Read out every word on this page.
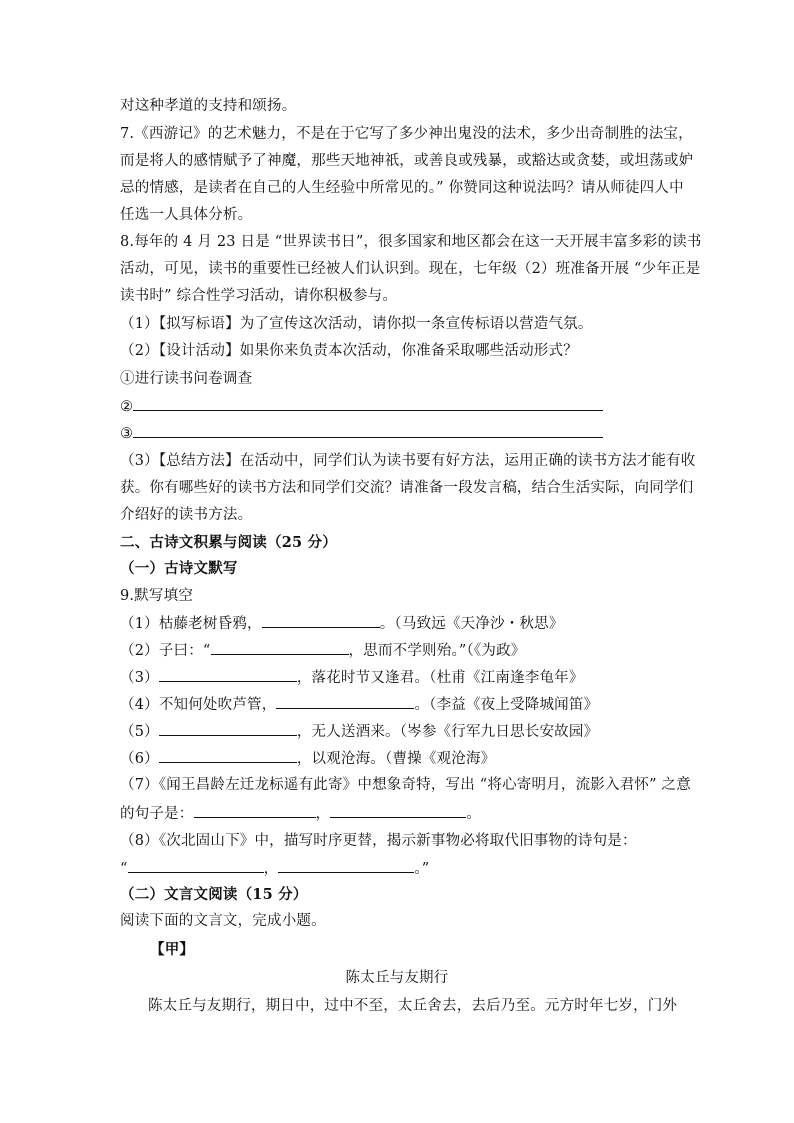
对这种孝道的支持和颂扬。
7.《西游记》的艺术魅力，不是在于它写了多少神出鬼没的法术，多少出奇制胜的法宝，
而是将人的感情赋予了神魔，那些天地神祇，或善良或残暴，或豁达或贪婪，或坦荡或妒
忌的情感，是读者在自己的人生经验中所常见的。” 你赞同这种说法吗？请从师徒四人中
任选一人具体分析。
8.每年的 4 月 23 日是 “世界读书日”，很多国家和地区都会在这一天开展丰富多彩的读书
活动，可见，读书的重要性已经被人们认识到。现在，七年级（2）班准备开展 “少年正是
读书时” 综合性学习活动，请你积极参与。
（1）【拟写标语】为了宣传这次活动，请你拟一条宣传标语以营造气氛。
（2）【设计活动】如果你来负责本次活动，你准备采取哪些活动形式？
①进行读书问卷调查
②
③
（3）【总结方法】在活动中，同学们认为读书要有好方法，运用正确的读书方法才能有收
获。你有哪些好的读书方法和同学们交流？请准备一段发言稿，结合生活实际，向同学们
介绍好的读书方法。
二、古诗文积累与阅读（25 分）
（一）古诗文默写
9.默写填空
（1）枯藤老树昏鸦，	。（马致远《天净沙・秋思》
（2）子曰：“	，思而不学则殆。”（《为政》
（3）	，落花时节又逢君。（杜甫《江南逢李龟年》
（4）不知何处吹芦管，	。（李益《夜上受降城闻笛》
（5）	，无人送酒来。（岑参《行军九日思长安故园》
（6）	，以观沧海。（曹操《观沧海》
（7）《闻王昌龄左迁龙标遥有此寄》中想象奇特，写出 “将心寄明月，流影入君怀” 之意
的句子是：	，	。
（8）《次北固山下》中，描写时序更替，揭示新事物必将取代旧事物的诗句是：
“	，	。”
（二）文言文阅读（15 分）
阅读下面的文言文，完成小题。
【甲】
陈太丘与友期行
陈太丘与友期行，期日中，过中不至，太丘舍去，去后乃至。元方时年七岁，门外
